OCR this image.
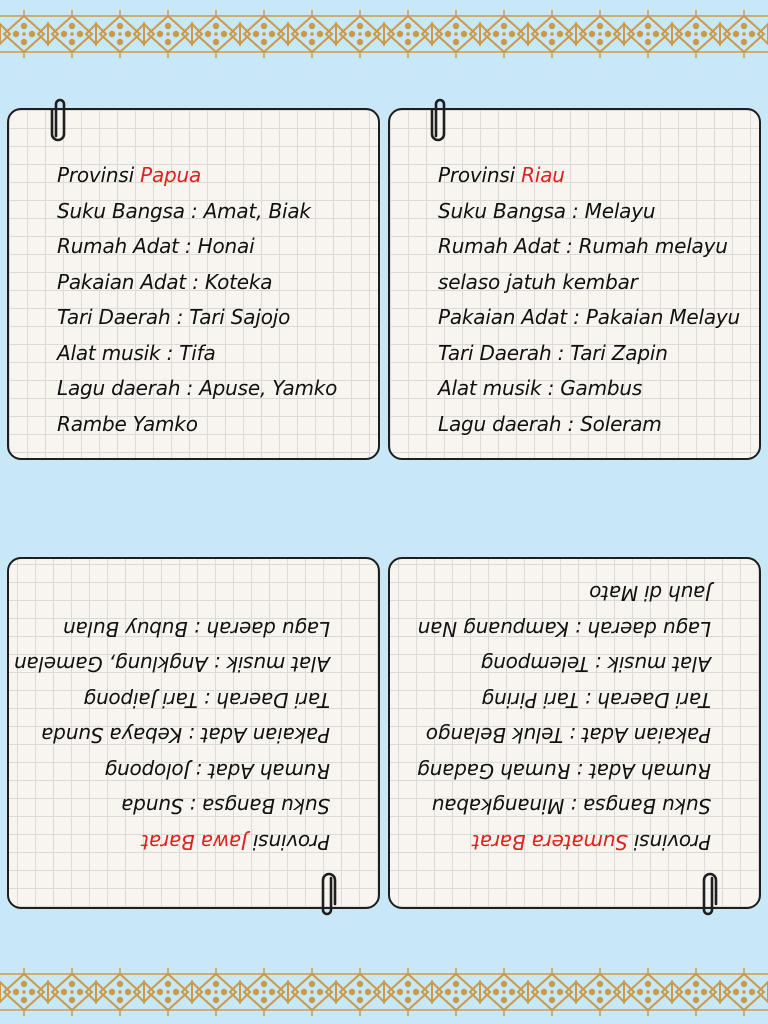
Provinsi Papua
Suku Bangsa : Amat, Biak
Rumah Adat : Honai
Pakaian Adat : Koteka
Tari Daerah : Tari Sajojo
Alat musik : Tifa
Lagu daerah : Apuse, Yamko
Rambe Yamko
Provinsi Riau
Suku Bangsa : Melayu
Rumah Adat : Rumah melayu
selaso jatuh kembar
Pakaian Adat : Pakaian Melayu
Tari Daerah : Tari Zapin
Alat musik : Gambus
Lagu daerah : Soleram
Provinsi Jawa Barat
Suku Bangsa : Sunda
Rumah Adat : Jolopong
Pakaian Adat : Kebaya Sunda
Tari Daerah : Tari Jaipong
Alat musik : Angklung, Gamelan
Lagu daerah : Bubuy Bulan
Provinsi Sumatera Barat
Suku Bangsa : Minangkabau
Rumah Adat : Rumah Gadang
Pakaian Adat : Teluk Belango
Tari Daerah : Tari Piring
Alat musik : Telempong
Lagu daerah : Kampuang Nan
Jauh di Mato
